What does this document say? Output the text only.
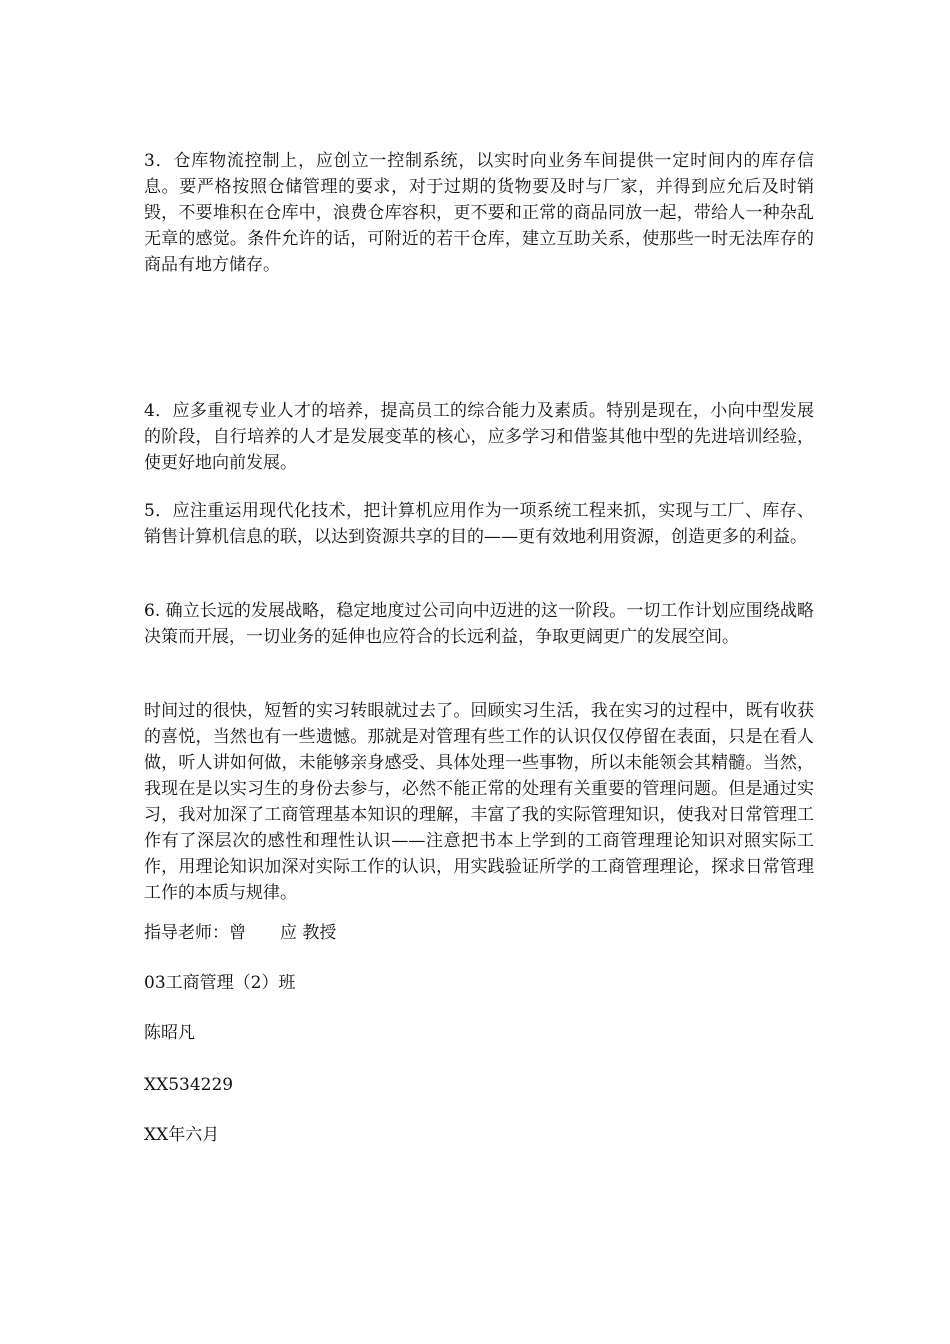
3．仓库物流控制上，应创立一控制系统，以实时向业务车间提供一定时间内的库存信息。要严格按照仓储管理的要求，对于过期的货物要及时与厂家，并得到应允后及时销毁，不要堆积在仓库中，浪费仓库容积，更不要和正常的商品同放一起，带给人一种杂乱无章的感觉。条件允许的话，可附近的若干仓库，建立互助关系，使那些一时无法库存的商品有地方储存。

4．应多重视专业人才的培养，提高员工的综合能力及素质。特别是现在，小向中型发展的阶段，自行培养的人才是发展变革的核心，应多学习和借鉴其他中型的先进培训经验，使更好地向前发展。

5．应注重运用现代化技术，把计算机应用作为一项系统工程来抓，实现与工厂、库存、销售计算机信息的联，以达到资源共享的目的——更有效地利用资源，创造更多的利益。

6. 确立长远的发展战略，稳定地度过公司向中迈进的这一阶段。一切工作计划应围绕战略决策而开展，一切业务的延伸也应符合的长远利益，争取更阔更广的发展空间。

时间过的很快，短暂的实习转眼就过去了。回顾实习生活，我在实习的过程中，既有收获的喜悦，当然也有一些遗憾。那就是对管理有些工作的认识仅仅停留在表面，只是在看人做，听人讲如何做，未能够亲身感受、具体处理一些事物，所以未能领会其精髓。当然，我现在是以实习生的身份去参与，必然不能正常的处理有关重要的管理问题。但是通过实习，我对加深了工商管理基本知识的理解，丰富了我的实际管理知识，使我对日常管理工作有了深层次的感性和理性认识——注意把书本上学到的工商管理理论知识对照实际工作，用理论知识加深对实际工作的认识，用实践验证所学的工商管理理论，探求日常管理工作的本质与规律。

指导老师：曾　　应 教授

03工商管理（2）班

陈昭凡

XX534229

XX年六月
